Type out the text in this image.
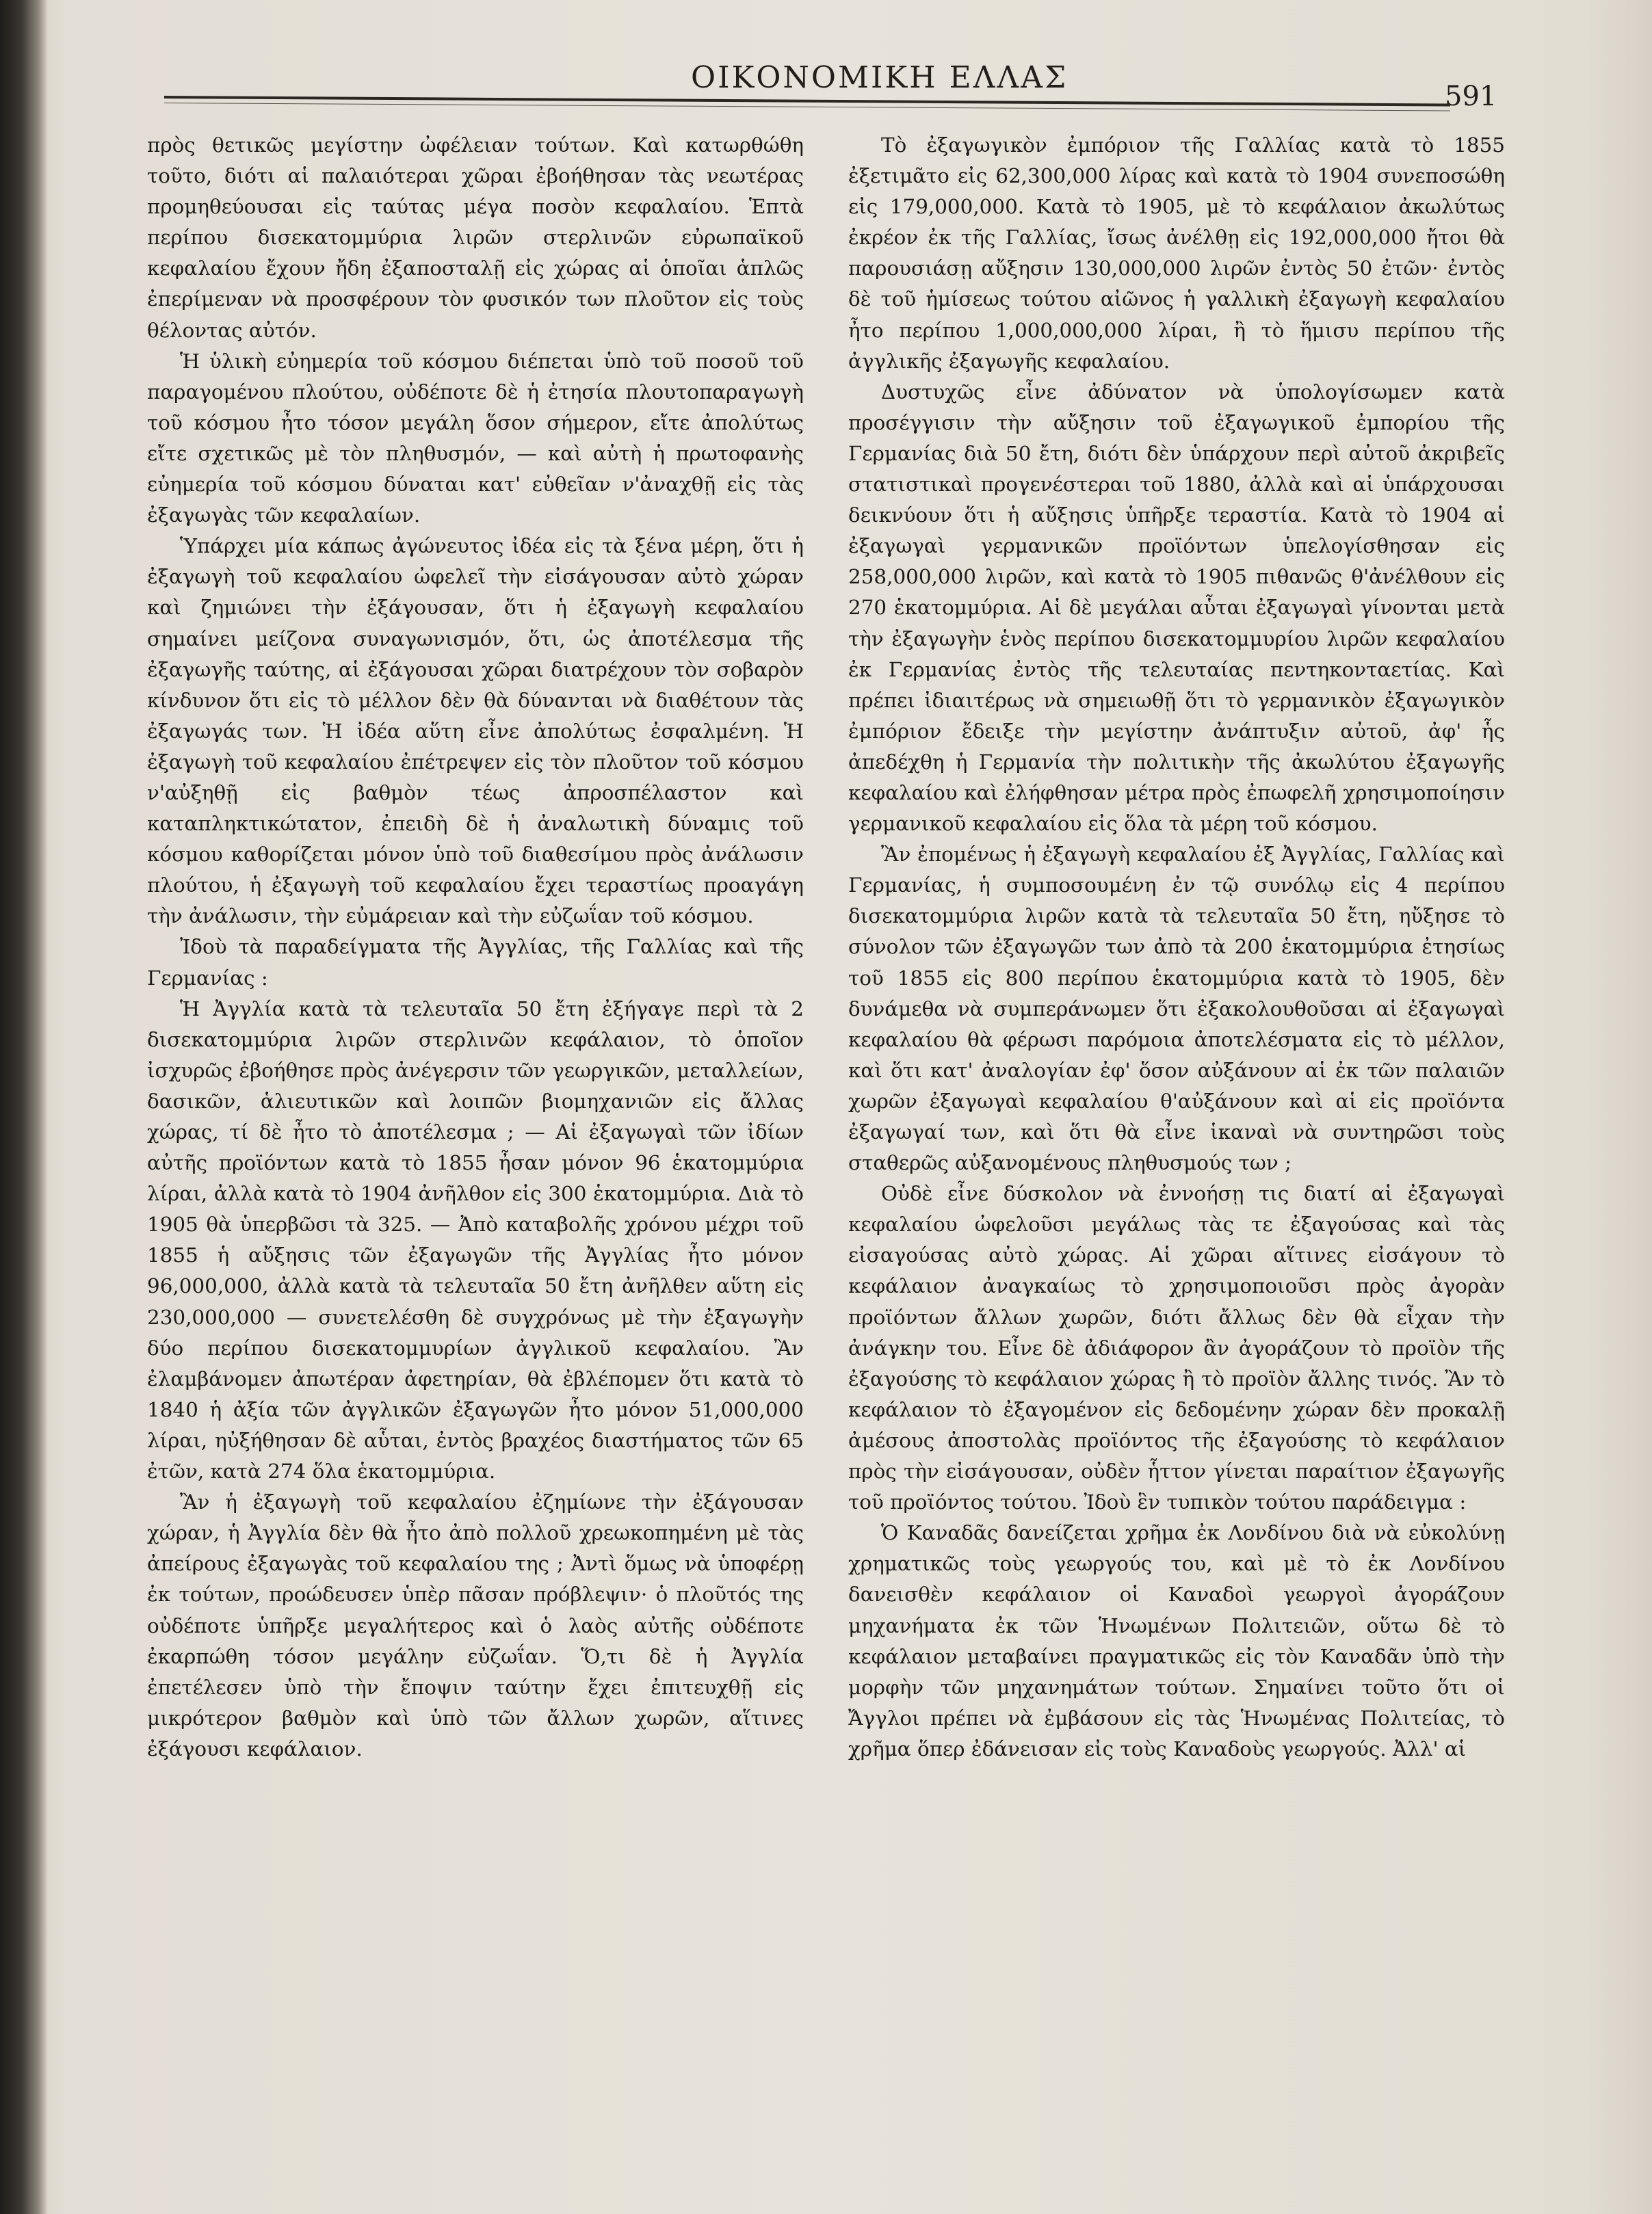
ΟΙΚΟΝΟΜΙΚΗ ΕΛΛΑΣ
591

πρὸς θετικῶς μεγίστην ὠφέλειαν τούτων. Καὶ κατωρθώθη τοῦτο, διότι αἱ παλαιότεραι χῶραι ἐβοήθησαν τὰς νεωτέρας προμηθεύουσαι εἰς ταύτας μέγα ποσὸν κεφαλαίου. Ἑπτὰ περίπου δισεκατομμύρια λιρῶν στερλινῶν εὐρωπαϊκοῦ κεφαλαίου ἔχουν ἤδη ἐξαποσταλῇ εἰς χώρας αἱ ὁποῖαι ἁπλῶς ἐπερίμεναν νὰ προσφέρουν τὸν φυσικόν των πλοῦτον εἰς τοὺς θέλοντας αὐτόν.

Ἡ ὑλικὴ εὐημερία τοῦ κόσμου διέπεται ὑπὸ τοῦ ποσοῦ τοῦ παραγομένου πλούτου, οὐδέποτε δὲ ἡ ἐτησία πλουτοπαραγωγὴ τοῦ κόσμου ἦτο τόσον μεγάλη ὅσον σήμερον, εἴτε ἀπολύτως εἴτε σχετικῶς μὲ τὸν πληθυσμόν, — καὶ αὐτὴ ἡ πρωτοφανὴς εὐημερία τοῦ κόσμου δύναται κατ' εὐθεῖαν ν'ἀναχθῇ εἰς τὰς ἐξαγωγὰς τῶν κεφαλαίων.

Ὑπάρχει μία κάπως ἀγώνευτος ἰδέα εἰς τὰ ξένα μέρη, ὅτι ἡ ἐξαγωγὴ τοῦ κεφαλαίου ὠφελεῖ τὴν εἰσάγουσαν αὐτὸ χώραν καὶ ζημιώνει τὴν ἐξάγουσαν, ὅτι ἡ ἐξαγωγὴ κεφαλαίου σημαίνει μείζονα συναγωνισμόν, ὅτι, ὡς ἀποτέλεσμα τῆς ἐξαγωγῆς ταύτης, αἱ ἐξάγουσαι χῶραι διατρέχουν τὸν σοβαρὸν κίνδυνον ὅτι εἰς τὸ μέλλον δὲν θὰ δύνανται νὰ διαθέτουν τὰς ἐξαγωγάς των. Ἡ ἰδέα αὕτη εἶνε ἀπολύτως ἐσφαλμένη. Ἡ ἐξαγωγὴ τοῦ κεφαλαίου ἐπέτρεψεν εἰς τὸν πλοῦτον τοῦ κόσμου ν'αὐξηθῇ εἰς βαθμὸν τέως ἀπροσπέλαστον καὶ καταπληκτικώτατον, ἐπειδὴ δὲ ἡ ἀναλωτικὴ δύναμις τοῦ κόσμου καθορίζεται μόνον ὑπὸ τοῦ διαθεσίμου πρὸς ἀνάλωσιν πλούτου, ἡ ἐξαγωγὴ τοῦ κεφαλαίου ἔχει τεραστίως προαγάγη τὴν ἀνάλωσιν, τὴν εὐμάρειαν καὶ τὴν εὐζωΐαν τοῦ κόσμου.

Ἰδοὺ τὰ παραδείγματα τῆς Ἀγγλίας, τῆς Γαλλίας καὶ τῆς Γερμανίας :

Ἡ Ἀγγλία κατὰ τὰ τελευταῖα 50 ἔτη ἐξήγαγε περὶ τὰ 2 δισεκατομμύρια λιρῶν στερλινῶν κεφάλαιον, τὸ ὁποῖον ἰσχυρῶς ἐβοήθησε πρὸς ἀνέγερσιν τῶν γεωργικῶν, μεταλλείων, δασικῶν, ἁλιευτικῶν καὶ λοιπῶν βιομηχανιῶν εἰς ἄλλας χώρας, τί δὲ ἦτο τὸ ἀποτέλεσμα ; — Αἱ ἐξαγωγαὶ τῶν ἰδίων αὐτῆς προϊόντων κατὰ τὸ 1855 ἦσαν μόνον 96 ἑκατομμύρια λίραι, ἀλλὰ κατὰ τὸ 1904 ἀνῆλθον εἰς 300 ἑκατομμύρια. Διὰ τὸ 1905 θὰ ὑπερβῶσι τὰ 325. — Ἀπὸ καταβολῆς χρόνου μέχρι τοῦ 1855 ἡ αὔξησις τῶν ἐξαγωγῶν τῆς Ἀγγλίας ἦτο μόνον 96,000,000, ἀλλὰ κατὰ τὰ τελευταῖα 50 ἔτη ἀνῆλθεν αὕτη εἰς 230,000,000 — συνετελέσθη δὲ συγχρόνως μὲ τὴν ἐξαγωγὴν δύο περίπου δισεκατομμυρίων ἀγγλικοῦ κεφαλαίου. Ἂν ἐλαμβάνομεν ἀπωτέραν ἀφετηρίαν, θὰ ἐβλέπομεν ὅτι κατὰ τὸ 1840 ἡ ἀξία τῶν ἀγγλικῶν ἐξαγωγῶν ἦτο μόνον 51,000,000 λίραι, ηὐξήθησαν δὲ αὗται, ἐντὸς βραχέος διαστήματος τῶν 65 ἐτῶν, κατὰ 274 ὅλα ἑκατομμύρια.

Ἂν ἡ ἐξαγωγὴ τοῦ κεφαλαίου ἐζημίωνε τὴν ἐξάγουσαν χώραν, ἡ Ἀγγλία δὲν θὰ ἦτο ἀπὸ πολλοῦ χρεωκοπημένη μὲ τὰς ἀπείρους ἐξαγωγὰς τοῦ κεφαλαίου της ; Ἀντὶ ὅμως νὰ ὑποφέρῃ ἐκ τούτων, προώδευσεν ὑπὲρ πᾶσαν πρόβλεψιν· ὁ πλοῦτός της οὐδέποτε ὑπῆρξε μεγαλήτερος καὶ ὁ λαὸς αὐτῆς οὐδέποτε ἐκαρπώθη τόσον μεγάλην εὐζωΐαν. Ὅ,τι δὲ ἡ Ἀγγλία ἐπετέλεσεν ὑπὸ τὴν ἔποψιν ταύτην ἔχει ἐπιτευχθῇ εἰς μικρότερον βαθμὸν καὶ ὑπὸ τῶν ἄλλων χωρῶν, αἵτινες ἐξάγουσι κεφάλαιον.

Τὸ ἐξαγωγικὸν ἐμπόριον τῆς Γαλλίας κατὰ τὸ 1855 ἐξετιμᾶτο εἰς 62,300,000 λίρας καὶ κατὰ τὸ 1904 συνεποσώθη εἰς 179,000,000. Κατὰ τὸ 1905, μὲ τὸ κεφάλαιον ἀκωλύτως ἐκρέον ἐκ τῆς Γαλλίας, ἴσως ἀνέλθῃ εἰς 192,000,000 ἤτοι θὰ παρουσιάσῃ αὔξησιν 130,000,000 λιρῶν ἐντὸς 50 ἐτῶν· ἐντὸς δὲ τοῦ ἡμίσεως τούτου αἰῶνος ἡ γαλλικὴ ἐξαγωγὴ κεφαλαίου ἦτο περίπου 1,000,000,000 λίραι, ἢ τὸ ἥμισυ περίπου τῆς ἀγγλικῆς ἐξαγωγῆς κεφαλαίου.

Δυστυχῶς εἶνε ἀδύνατον νὰ ὑπολογίσωμεν κατὰ προσέγγισιν τὴν αὔξησιν τοῦ ἐξαγωγικοῦ ἐμπορίου τῆς Γερμανίας διὰ 50 ἔτη, διότι δὲν ὑπάρχουν περὶ αὐτοῦ ἀκριβεῖς στατιστικαὶ προγενέστεραι τοῦ 1880, ἀλλὰ καὶ αἱ ὑπάρχουσαι δεικνύουν ὅτι ἡ αὔξησις ὑπῆρξε τεραστία. Κατὰ τὸ 1904 αἱ ἐξαγωγαὶ γερμανικῶν προϊόντων ὑπελογίσθησαν εἰς 258,000,000 λιρῶν, καὶ κατὰ τὸ 1905 πιθανῶς θ'ἀνέλθουν εἰς 270 ἑκατομμύρια. Αἱ δὲ μεγάλαι αὗται ἐξαγωγαὶ γίνονται μετὰ τὴν ἐξαγωγὴν ἑνὸς περίπου δισεκατομμυρίου λιρῶν κεφαλαίου ἐκ Γερμανίας ἐντὸς τῆς τελευταίας πεντηκονταετίας. Καὶ πρέπει ἰδιαιτέρως νὰ σημειωθῇ ὅτι τὸ γερμανικὸν ἐξαγωγικὸν ἐμπόριον ἔδειξε τὴν μεγίστην ἀνάπτυξιν αὐτοῦ, ἀφ' ἧς ἀπεδέχθη ἡ Γερμανία τὴν πολιτικὴν τῆς ἀκωλύτου ἐξαγωγῆς κεφαλαίου καὶ ἐλήφθησαν μέτρα πρὸς ἐπωφελῆ χρησιμοποίησιν γερμανικοῦ κεφαλαίου εἰς ὅλα τὰ μέρη τοῦ κόσμου.

Ἂν ἐπομένως ἡ ἐξαγωγὴ κεφαλαίου ἐξ Ἀγγλίας, Γαλλίας καὶ Γερμανίας, ἡ συμποσουμένη ἐν τῷ συνόλῳ εἰς 4 περίπου δισεκατομμύρια λιρῶν κατὰ τὰ τελευταῖα 50 ἔτη, ηὔξησε τὸ σύνολον τῶν ἐξαγωγῶν των ἀπὸ τὰ 200 ἑκατομμύρια ἐτησίως τοῦ 1855 εἰς 800 περίπου ἑκατομμύρια κατὰ τὸ 1905, δὲν δυνάμεθα νὰ συμπεράνωμεν ὅτι ἐξακολουθοῦσαι αἱ ἐξαγωγαὶ κεφαλαίου θὰ φέρωσι παρόμοια ἀποτελέσματα εἰς τὸ μέλλον, καὶ ὅτι κατ' ἀναλογίαν ἐφ' ὅσον αὐξάνουν αἱ ἐκ τῶν παλαιῶν χωρῶν ἐξαγωγαὶ κεφαλαίου θ'αὐξάνουν καὶ αἱ εἰς προϊόντα ἐξαγωγαί των, καὶ ὅτι θὰ εἶνε ἱκαναὶ νὰ συντηρῶσι τοὺς σταθερῶς αὐξανομένους πληθυσμούς των ;

Οὐδὲ εἶνε δύσκολον νὰ ἐννοήσῃ τις διατί αἱ ἐξαγωγαὶ κεφαλαίου ὠφελοῦσι μεγάλως τὰς τε ἐξαγούσας καὶ τὰς εἰσαγούσας αὐτὸ χώρας. Αἱ χῶραι αἵτινες εἰσάγουν τὸ κεφάλαιον ἀναγκαίως τὸ χρησιμοποιοῦσι πρὸς ἀγορὰν προϊόντων ἄλλων χωρῶν, διότι ἄλλως δὲν θὰ εἶχαν τὴν ἀνάγκην του. Εἶνε δὲ ἀδιάφορον ἂν ἀγοράζουν τὸ προϊὸν τῆς ἐξαγούσης τὸ κεφάλαιον χώρας ἢ τὸ προϊὸν ἄλλης τινός. Ἂν τὸ κεφάλαιον τὸ ἐξαγομένον εἰς δεδομένην χώραν δὲν προκαλῇ ἀμέσους ἀποστολὰς προϊόντος τῆς ἐξαγούσης τὸ κεφάλαιον πρὸς τὴν εἰσάγουσαν, οὐδὲν ἧττον γίνεται παραίτιον ἐξαγωγῆς τοῦ προϊόντος τούτου. Ἰδοὺ ἓν τυπικὸν τούτου παράδειγμα :

Ὁ Καναδᾶς δανείζεται χρῆμα ἐκ Λονδίνου διὰ νὰ εὐκολύνῃ χρηματικῶς τοὺς γεωργούς του, καὶ μὲ τὸ ἐκ Λονδίνου δανεισθὲν κεφάλαιον οἱ Καναδοὶ γεωργοὶ ἀγοράζουν μηχανήματα ἐκ τῶν Ἡνωμένων Πολιτειῶν, οὕτω δὲ τὸ κεφάλαιον μεταβαίνει πραγματικῶς εἰς τὸν Καναδᾶν ὑπὸ τὴν μορφὴν τῶν μηχανημάτων τούτων. Σημαίνει τοῦτο ὅτι οἱ Ἄγγλοι πρέπει νὰ ἐμβάσουν εἰς τὰς Ἡνωμένας Πολιτείας, τὸ χρῆμα ὅπερ ἐδάνεισαν εἰς τοὺς Καναδοὺς γεωργούς. Ἀλλ' αἱ
